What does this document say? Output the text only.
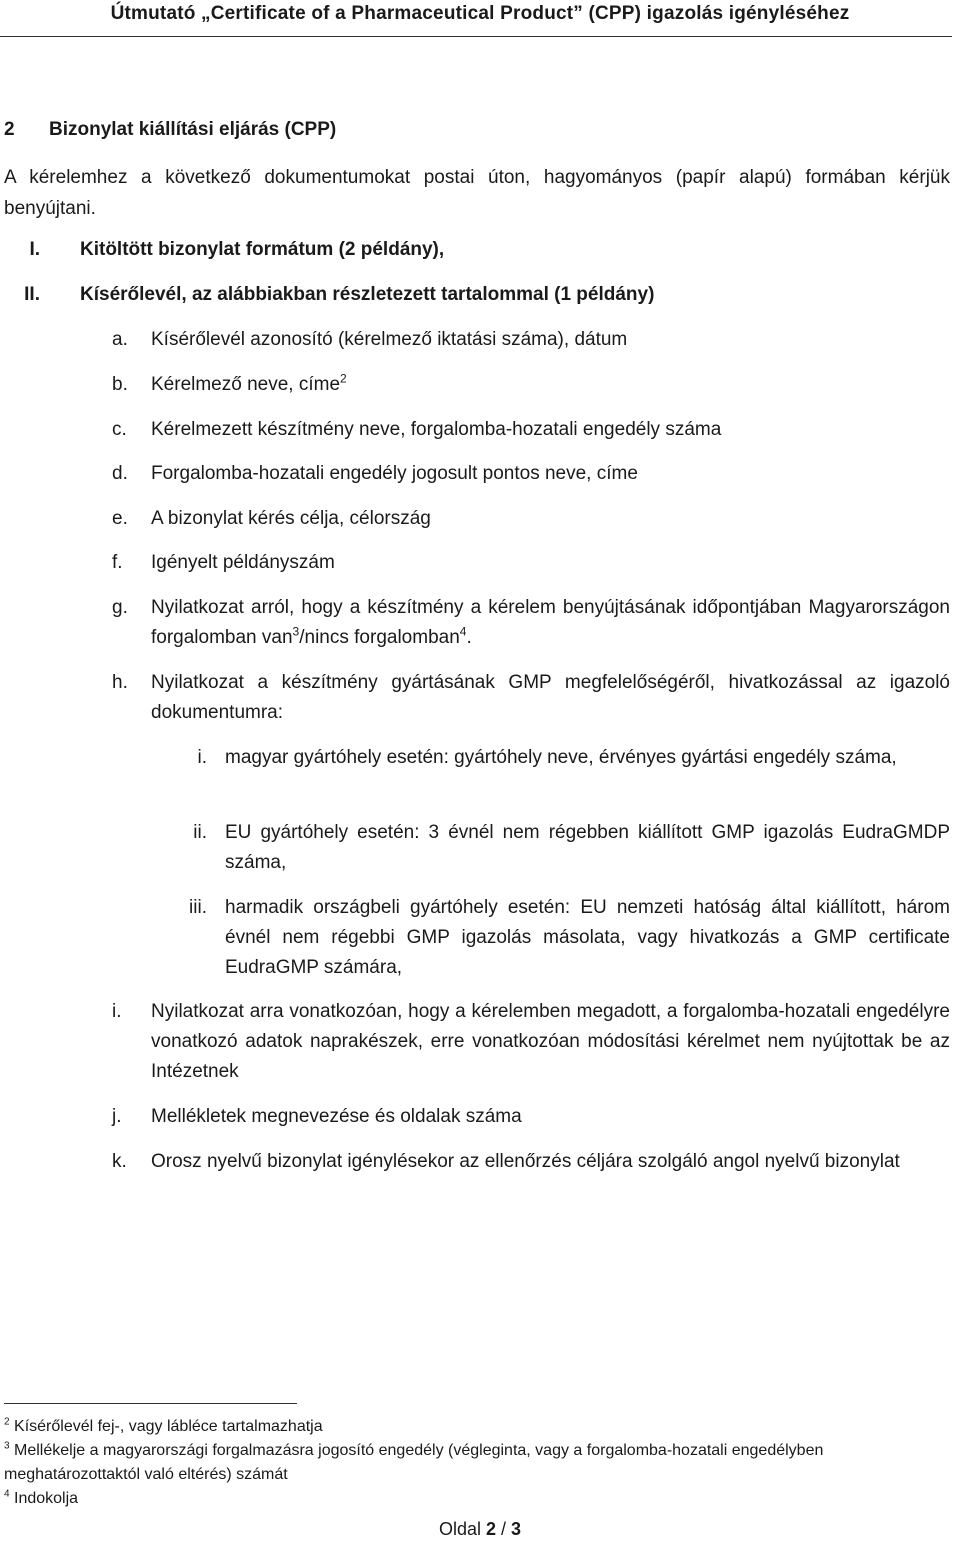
Útmutató „Certificate of a Pharmaceutical Product” (CPP) igazolás igényléséhez
2 Bizonylat kiállítási eljárás (CPP)
A kérelemhez a következő dokumentumokat postai úton, hagyományos (papír alapú) formában kérjük benyújtani.
I. Kitöltött bizonylat formátum (2 példány),
II. Kísérőlevél, az alábbiakban részletezett tartalommal (1 példány)
a.	Kísérőlevél azonosító (kérelmező iktatási száma), dátum
b.	Kérelmező neve, címe$^2$
c.	Kérelmezett készítmény neve, forgalomba-hozatali engedély száma
d.	Forgalomba-hozatali engedély jogosult pontos neve, címe
e.	A bizonylat kérés célja, célország
f.	Igényelt példányszám
g.	Nyilatkozat arról, hogy a készítmény a kérelem benyújtásának időpontjában Magyarországon forgalomban van$^3$/nincs forgalomban$^4$.
h.	Nyilatkozat a készítmény gyártásának GMP megfelelőségéről, hivatkozással az igazoló dokumentumra:
i. magyar gyártóhely esetén: gyártóhely neve, érvényes gyártási engedély száma,
ii. EU gyártóhely esetén: 3 évnél nem régebben kiállított GMP igazolás EudraGMDP száma,
iii. harmadik országbeli gyártóhely esetén: EU nemzeti hatóság által kiállított, három évnél nem régebbi GMP igazolás másolata, vagy hivatkozás a GMP certificate EudraGMP számára,
i.	Nyilatkozat arra vonatkozóan, hogy a kérelemben megadott, a forgalomba-hozatali engedélyre vonatkozó adatok naprakészek, erre vonatkozóan módosítási kérelmet nem nyújtottak be az Intézetnek
j.	Mellékletek megnevezése és oldalak száma
k.	Orosz nyelvű bizonylat igénylésekor az ellenőrzés céljára szolgáló angol nyelvű bizonylat
$^2$ Kísérőlevél fej-, vagy lábléce tartalmazhatja
$^3$ Mellékelje a magyarországi forgalmazásra jogosító engedély (végleginta, vagy a forgalomba-hozatali engedélyben meghatározottaktól való eltérés) számát
$^4$ Indokolja
Oldal 2 / 3
